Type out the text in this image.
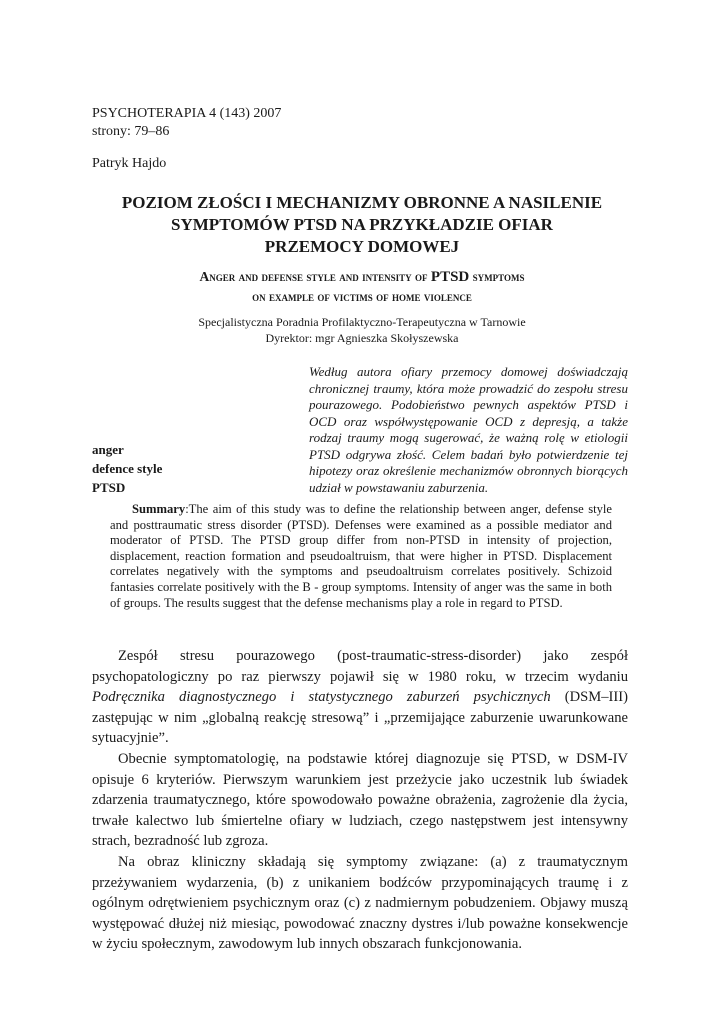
PSYCHOTERAPIA 4 (143) 2007
strony: 79–86
Patryk Hajdo
POZIOM ZŁOŚCI I MECHANIZMY OBRONNE A NASILENIE
SYMPTOMÓW PTSD NA PRZYKŁADZIE OFIAR
PRZEMOCY DOMOWEJ
Anger and defense style and intensity of PTSD symptoms
on example of victims of home violence
Specjalistyczna Poradnia Profilaktyczno-Terapeutyczna w Tarnowie
Dyrektor: mgr Agnieszka Skołyszewska
Według autora ofiary przemocy domowej doświadczają chronicznej traumy, która może prowadzić do zespołu stresu pourazowego. Podobieństwo pewnych aspektów PTSD i OCD oraz współwystępowanie OCD z depresją, a także rodzaj traumy mogą sugerować, że ważną rolę w etiologii PTSD odgrywa złość. Celem badań było potwierdzenie tej hipotezy oraz określenie mechanizmów obronnych biorących udział w powstawaniu zaburzenia.
anger
defence style
PTSD
Summary:The aim of this study was to define the relationship between anger, defense style and posttraumatic stress disorder (PTSD). Defenses were examined as a possible mediator and moderator of PTSD. The PTSD group differ from non-PTSD in intensity of projection, displacement, reaction formation and pseudoaltruism, that were higher in PTSD. Displacement correlates negatively with the symptoms and pseudoaltruism correlates positively. Schizoid fantasies correlate positively with the B - group symptoms. Intensity of anger was the same in both of groups. The results suggest that the defense mechanisms play a role in regard to PTSD.

Zespół stresu pourazowego (post-traumatic-stress-disorder) jako zespół psychopatologiczny po raz pierwszy pojawił się w 1980 roku, w trzecim wydaniu Podręcznika diagnostycznego i statystycznego zaburzeń psychicznych (DSM–III) zastępując w nim „globalną reakcję stresową” i „przemijające zaburzenie uwarunkowane sytuacyjnie”.

Obecnie symptomatologię, na podstawie której diagnozuje się PTSD, w DSM-IV opisuje 6 kryteriów. Pierwszym warunkiem jest przeżycie jako uczestnik lub świadek zdarzenia traumatycznego, które spowodowało poważne obrażenia, zagrożenie dla życia, trwałe kalectwo lub śmiertelne ofiary w ludziach, czego następstwem jest intensywny strach, bezradność lub zgroza.

Na obraz kliniczny składają się symptomy związane: (a) z traumatycznym przeżywaniem wydarzenia, (b) z unikaniem bodźców przypominających traumę i z ogólnym odrętwieniem psychicznym oraz (c) z nadmiernym pobudzeniem. Objawy muszą występować dłużej niż miesiąc, powodować znaczny dystres i/lub poważne konsekwencje w życiu społecznym, zawodowym lub innych obszarach funkcjonowania.
